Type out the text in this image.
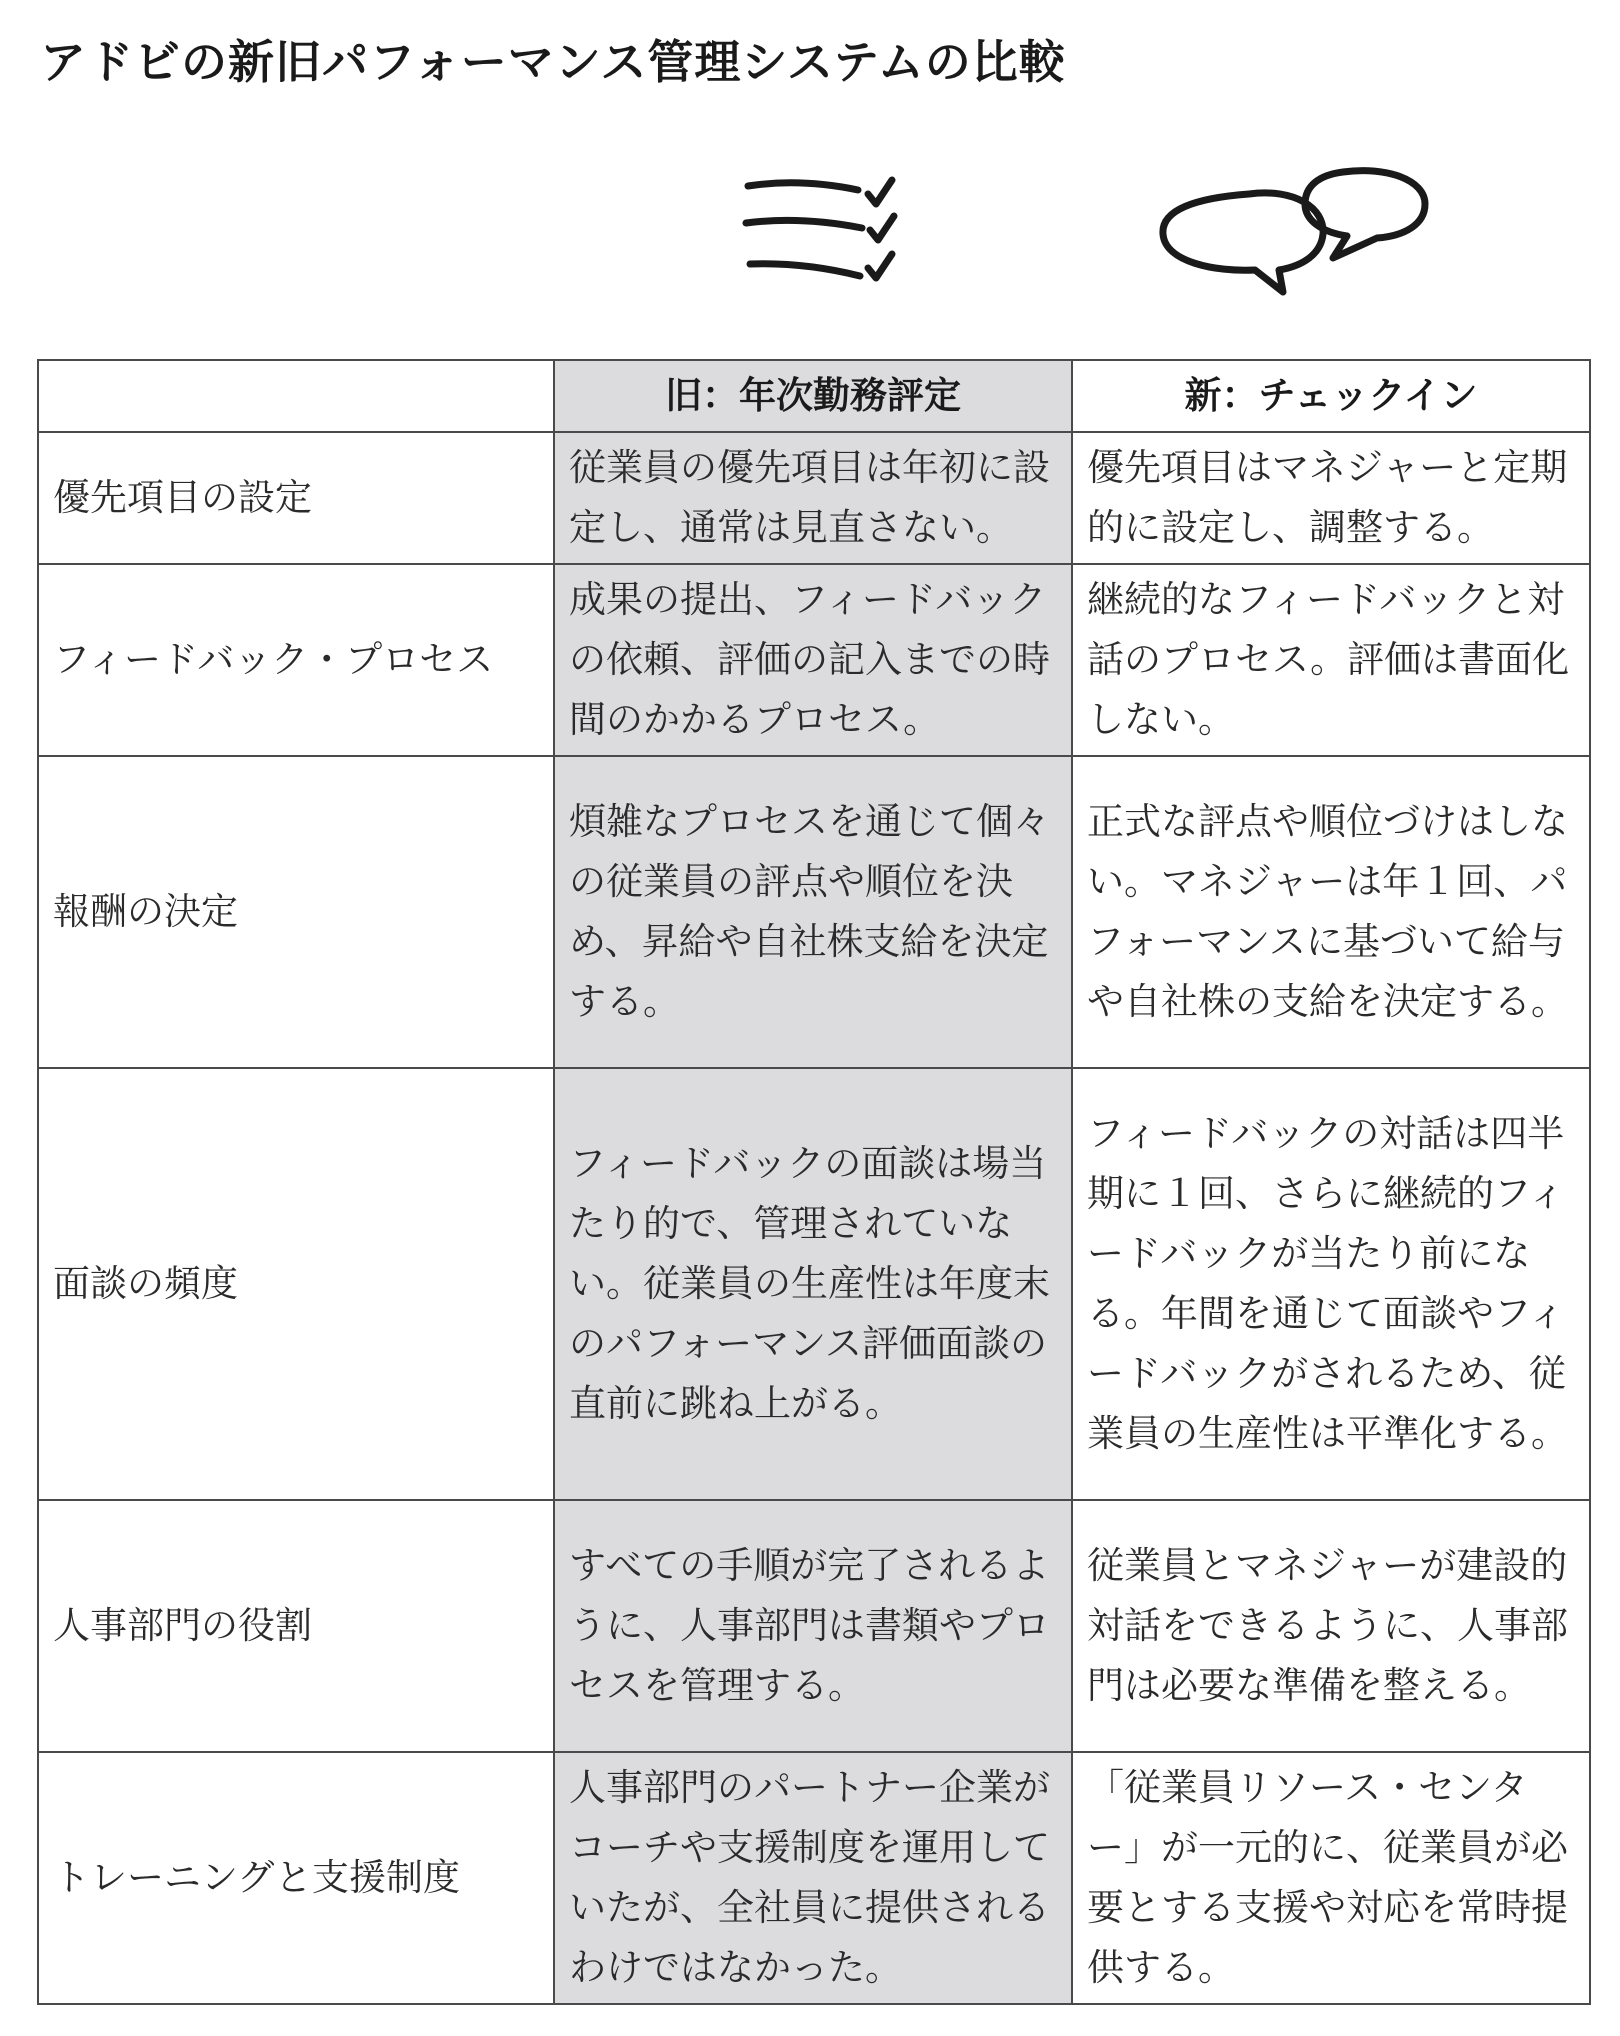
アドビの新旧パフォーマンス管理システムの比較
	旧：年次勤務評定	新：チェックイン
優先項目の設定	従業員の優先項目は年初に設定し、通常は見直さない。	優先項目はマネジャーと定期的に設定し、調整する。

フィードバック・プロセス	成果の提出、フィードバックの依頼、評価の記入までの時間のかかるプロセス。	継続的なフィードバックと対話のプロセス。評価は書面化しない。

報酬の決定	煩雑なプロセスを通じて個々の従業員の評点や順位を決め、昇給や自社株支給を決定する。	正式な評点や順位づけはしない。マネジャーは年１回、パフォーマンスに基づいて給与や自社株の支給を決定する。

面談の頻度	フィードバックの面談は場当たり的で、管理されていない。従業員の生産性は年度末のパフォーマンス評価面談の直前に跳ね上がる。	フィードバックの対話は四半期に１回、さらに継続的フィードバックが当たり前になる。年間を通じて面談やフィードバックがされるため、従業員の生産性は平準化する。

人事部門の役割	すべての手順が完了されるように、人事部門は書類やプロセスを管理する。	従業員とマネジャーが建設的対話をできるように、人事部門は必要な準備を整える。

トレーニングと支援制度	人事部門のパートナー企業がコーチや支援制度を運用していたが、全社員に提供されるわけではなかった。	「従業員リソース・センター」が一元的に、従業員が必要とする支援や対応を常時提供する。
